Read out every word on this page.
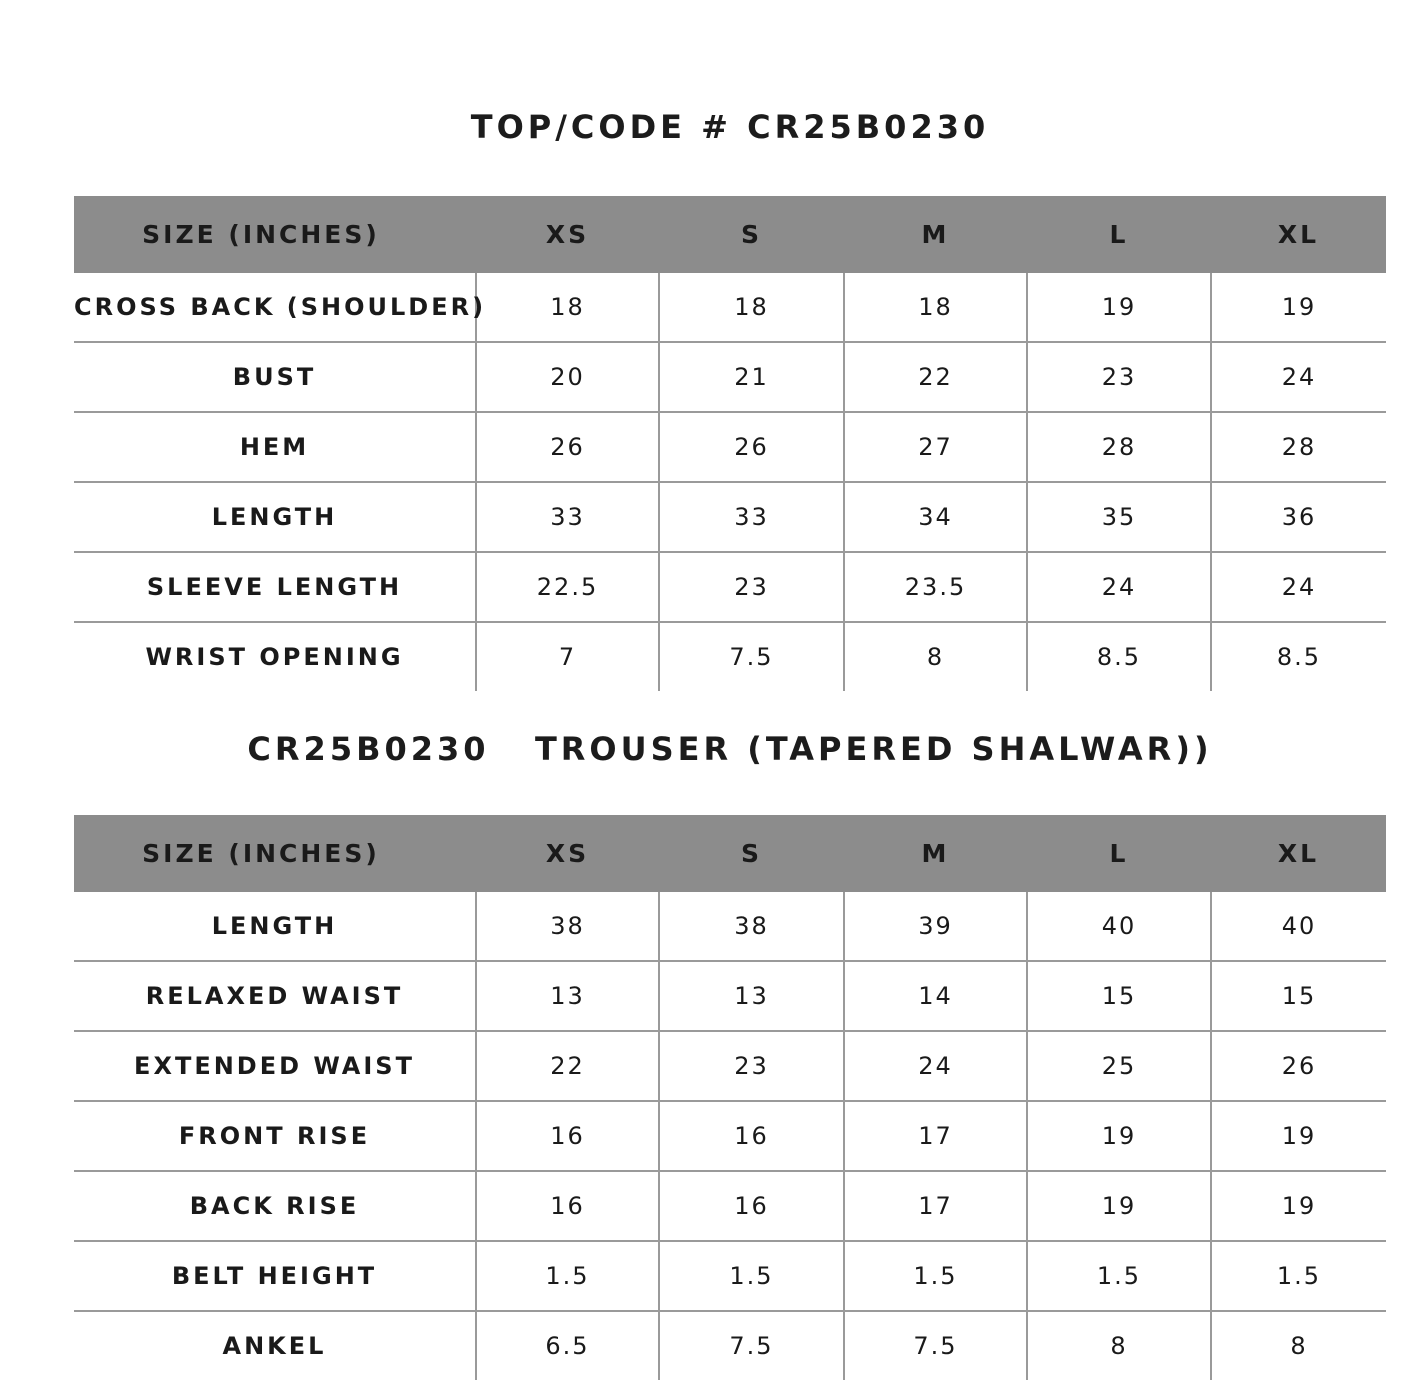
TOP/CODE # CR25B0230
SIZE (INCHES)	XS	S	M	L	XL
CROSS BACK (SHOULDER)	18	18	18	19	19
BUST	20	21	22	23	24
HEM	26	26	27	28	28
LENGTH	33	33	34	35	36
SLEEVE LENGTH	22.5	23	23.5	24	24
WRIST OPENING	7	7.5	8	8.5	8.5
CR25B0230   TROUSER (TAPERED SHALWAR))
SIZE (INCHES)	XS	S	M	L	XL
LENGTH	38	38	39	40	40
RELAXED WAIST	13	13	14	15	15
EXTENDED WAIST	22	23	24	25	26
FRONT RISE	16	16	17	19	19
BACK RISE	16	16	17	19	19
BELT HEIGHT	1.5	1.5	1.5	1.5	1.5
ANKEL	6.5	7.5	7.5	8	8
